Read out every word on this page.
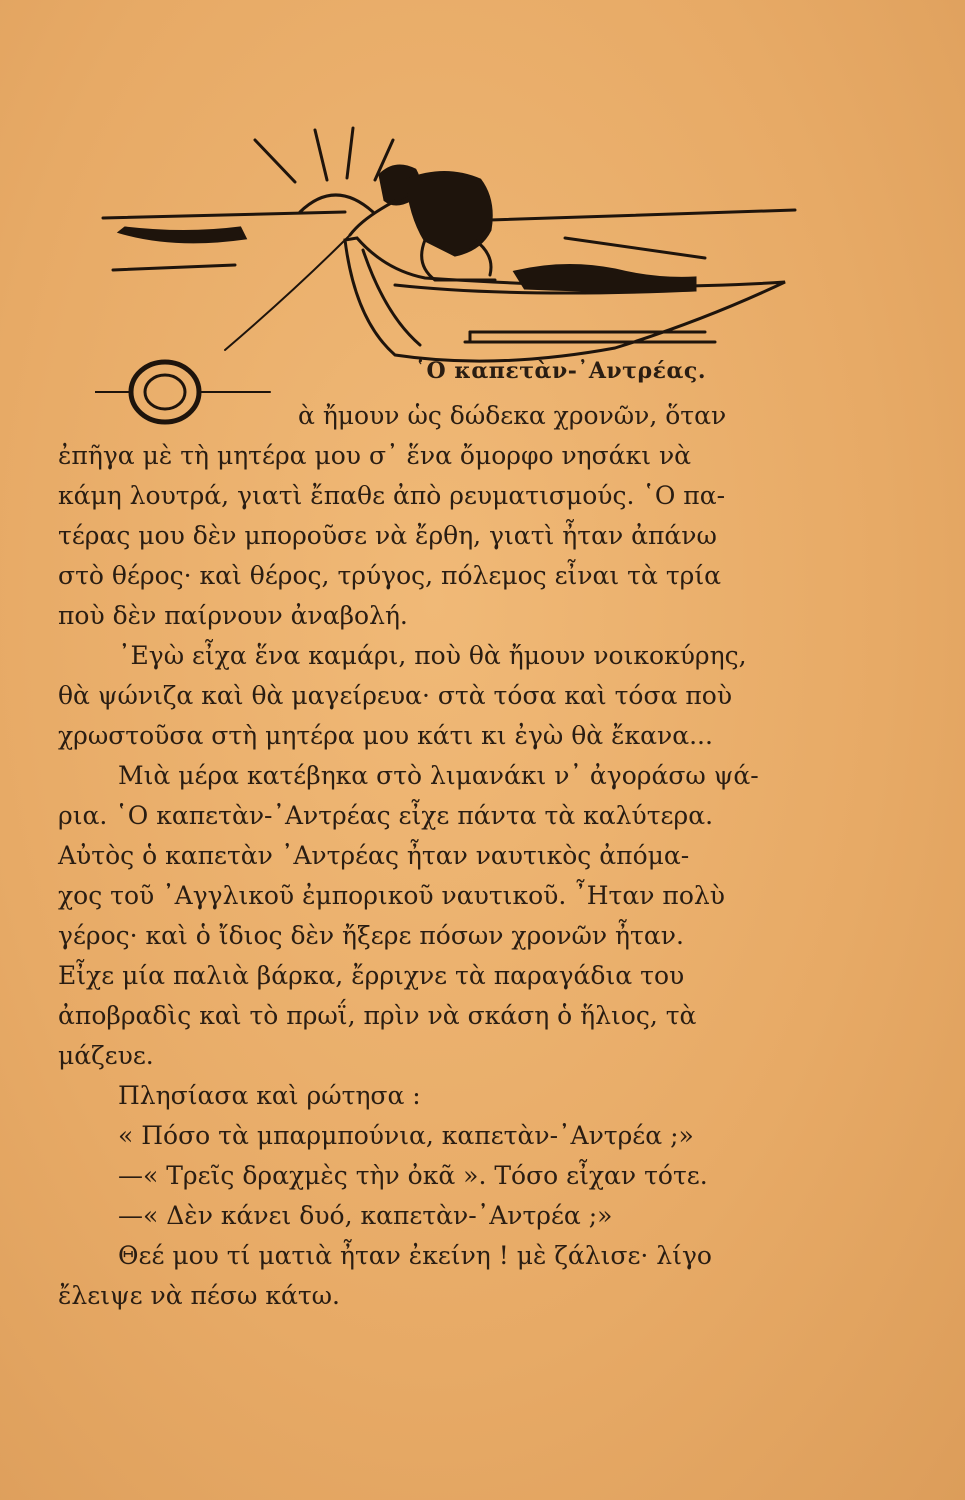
῾Ο καπετὰν-᾿Αντρέας.
ὰ ἤμουν ὡς δώδεκα χρονῶν, ὅταν
ἐπῆγα μὲ τὴ μητέρα μου σ᾿ ἕνα ὄμορφο νησάκι νὰ
κάμη λουτρά, γιατὶ ἔπαθε ἀπὸ ρευματισμούς. ῾Ο πα-
τέρας μου δὲν μποροῦσε νὰ ἔρθη, γιατὶ ἦταν ἀπάνω
στὸ θέρος· καὶ θέρος, τρύγος, πόλεμος εἶναι τὰ τρία
ποὺ δὲν παίρνουν ἀναβολή.
᾿Εγὼ εἶχα ἕνα καμάρι, ποὺ θὰ ἤμουν νοικοκύρης,
θὰ ψώνιζα καὶ θὰ μαγείρευα· στὰ τόσα καὶ τόσα ποὺ
χρωστοῦσα στὴ μητέρα μου κάτι κι ἐγὼ θὰ ἔκανα...
Μιὰ μέρα κατέβηκα στὸ λιμανάκι ν᾿ ἀγοράσω ψά-
ρια. ῾Ο καπετὰν-᾿Αντρέας εἶχε πάντα τὰ καλύτερα.
Αὐτὸς ὁ καπετὰν ᾿Αντρέας ἦταν ναυτικὸς ἀπόμα-
χος τοῦ ᾿Αγγλικοῦ ἐμπορικοῦ ναυτικοῦ. ῏Ηταν πολὺ
γέρος· καὶ ὁ ἴδιος δὲν ἤξερε πόσων χρονῶν ἦταν.
Εἶχε μία παλιὰ βάρκα, ἔρριχνε τὰ παραγάδια του
ἀποβραδὶς καὶ τὸ πρωΐ, πρὶν νὰ σκάση ὁ ἥλιος, τὰ
μάζευε.
Πλησίασα καὶ ρώτησα :
« Πόσο τὰ μπαρμπούνια, καπετὰν-᾿Αντρέα ;»
—« Τρεῖς δραχμὲς τὴν ὀκᾶ ». Τόσο εἶχαν τότε.
—« Δὲν κάνει δυό, καπετὰν-᾿Αντρέα ;»
Θεέ μου τί ματιὰ ἦταν ἐκείνη ! μὲ ζάλισε· λίγο
ἔλειψε νὰ πέσω κάτω.
